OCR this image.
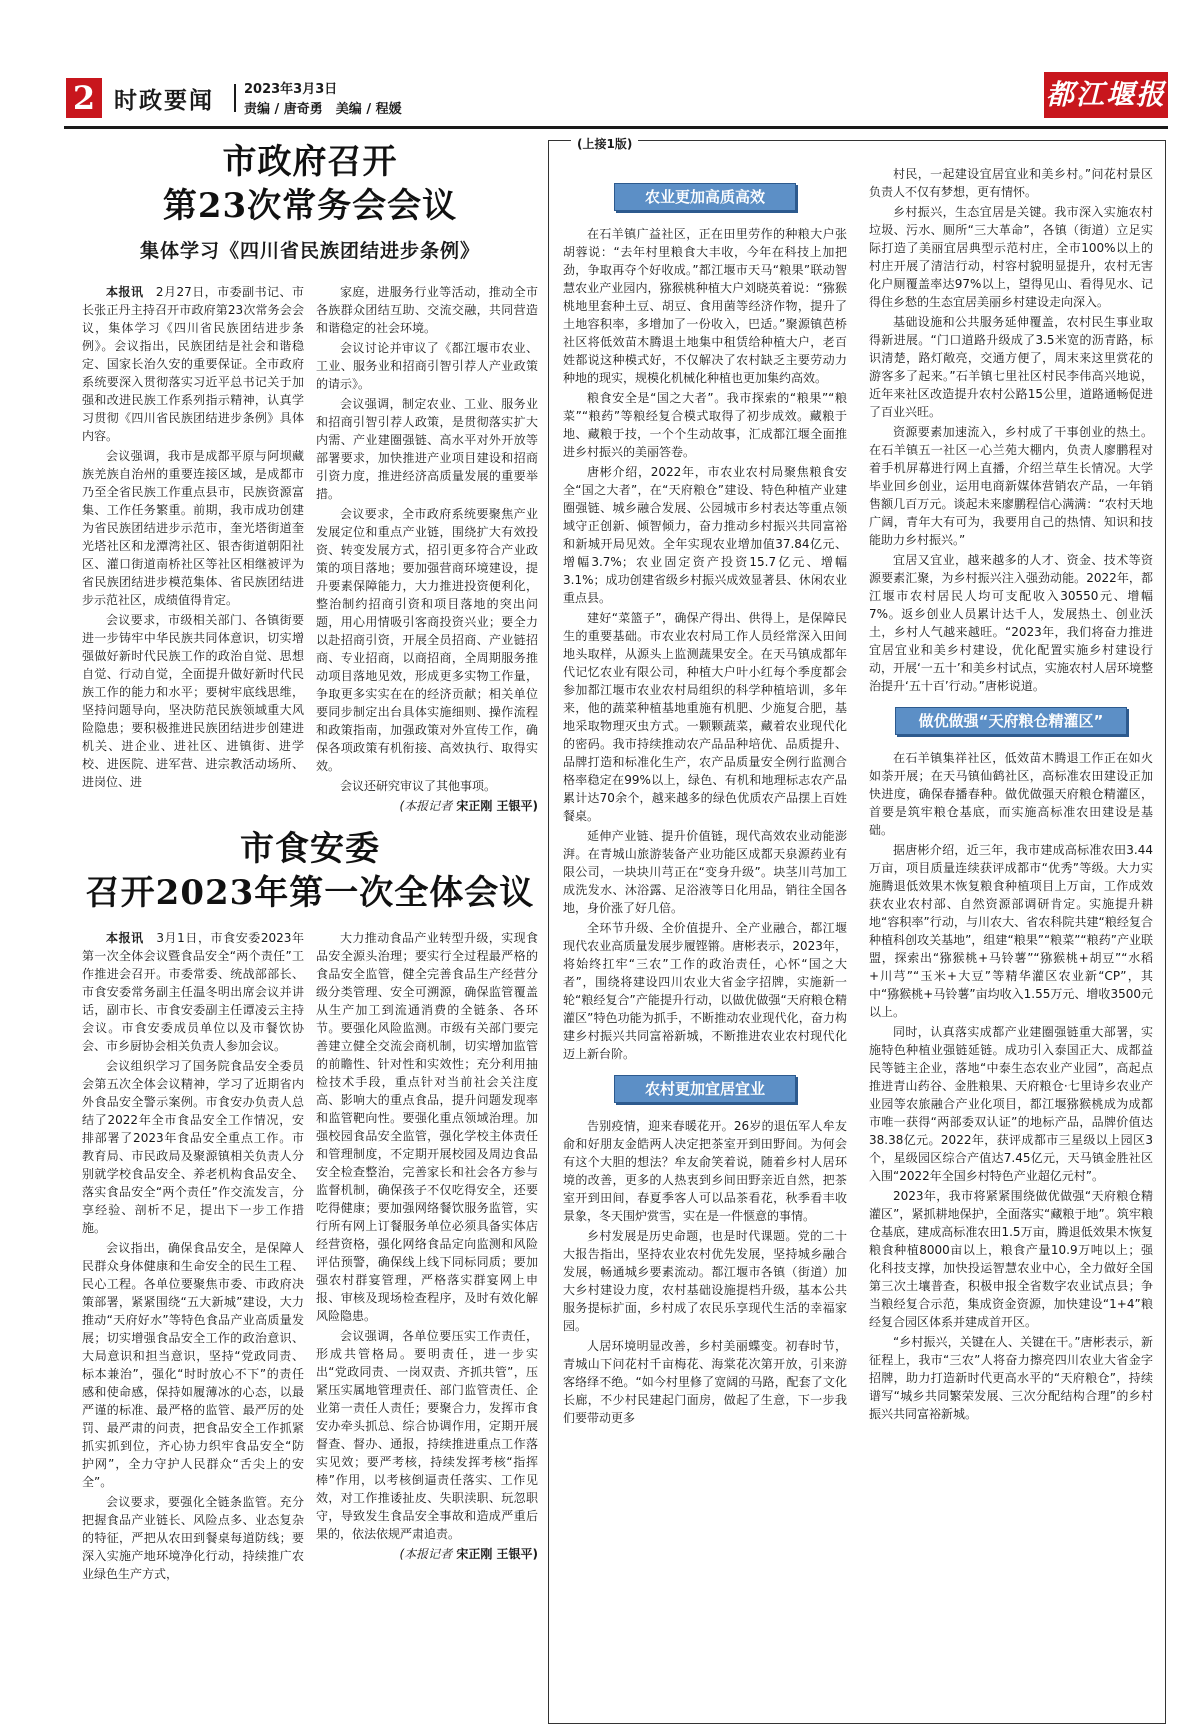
2 时政要闻 2023年3月3日
责编 / 唐奇勇　美编 / 程媛	都江堰报
市政府召开
第23次常务会会议
集体学习《四川省民族团结进步条例》

本报讯　2月27日，市委副书记、市长张正丹主持召开市政府第23次常务会会议，集体学习《四川省民族团结进步条例》。会议指出，民族团结是社会和谐稳定、国家长治久安的重要保证。全市政府系统要深入贯彻落实习近平总书记关于加强和改进民族工作系列指示精神，认真学习贯彻《四川省民族团结进步条例》具体内容。

会议强调，我市是成都平原与阿坝藏族羌族自治州的重要连接区域，是成都市乃至全省民族工作重点县市，民族资源富集、工作任务繁重。前期，我市成功创建为省民族团结进步示范市，奎光塔街道奎光塔社区和龙潭湾社区、银杏街道朝阳社区、灌口街道南桥社区等社区相继被评为省民族团结进步模范集体、省民族团结进步示范社区，成绩值得肯定。

会议要求，市级相关部门、各镇街要进一步铸牢中华民族共同体意识，切实增强做好新时代民族工作的政治自觉、思想自觉、行动自觉，全面提升做好新时代民族工作的能力和水平；要树牢底线思维，坚持问题导向，坚决防范民族领域重大风险隐患；要积极推进民族团结进步创建进机关、进企业、进社区、进镇街、进学校、进医院、进军营、进宗教活动场所、进岗位、进

家庭，进服务行业等活动，推动全市各族群众团结互助、交流交融，共同营造和谐稳定的社会环境。

会议讨论并审议了《都江堰市农业、工业、服务业和招商引智引荐人产业政策的请示》。

会议强调，制定农业、工业、服务业和招商引智引荐人政策，是贯彻落实扩大内需、产业建圈强链、高水平对外开放等部署要求，加快推进产业项目建设和招商引资力度，推进经济高质量发展的重要举措。

会议要求，全市政府系统要聚焦产业发展定位和重点产业链，围绕扩大有效投资、转变发展方式，招引更多符合产业政策的项目落地；要加强营商环境建设，提升要素保障能力，大力推进投资便利化，整治制约招商引资和项目落地的突出问题，用心用情吸引客商投资兴业；要全力以赴招商引资，开展全员招商、产业链招商、专业招商，以商招商，全周期服务推动项目落地见效，形成更多实物工作量，争取更多实实在在的经济贡献；相关单位要同步制定出台具体实施细则、操作流程和政策指南，加强政策对外宣传工作，确保各项政策有机衔接、高效执行、取得实效。

会议还研究审议了其他事项。

(本报记者 宋正刚 王银平)
市食安委
召开2023年第一次全体会议

本报讯　3月1日，市食安委2023年第一次全体会议暨食品安全“两个责任”工作推进会召开。市委常委、统战部部长、市食安委常务副主任温冬明出席会议并讲话，副市长、市食安委副主任谭凌云主持会议。市食安委成员单位以及市餐饮协会、市乡厨协会相关负责人参加会议。

会议组织学习了国务院食品安全委员会第五次全体会议精神，学习了近期省内外食品安全警示案例。市食安办负责人总结了2022年全市食品安全工作情况，安排部署了2023年食品安全重点工作。市教育局、市民政局及聚源镇相关负责人分别就学校食品安全、养老机构食品安全、落实食品安全“两个责任”作交流发言，分享经验、剖析不足，提出下一步工作措施。

会议指出，确保食品安全，是保障人民群众身体健康和生命安全的民生工程、民心工程。各单位要聚焦市委、市政府决策部署，紧紧围绕“五大新城”建设，大力推动“天府好水”等特色食品产业高质量发展；切实增强食品安全工作的政治意识、大局意识和担当意识，坚持“党政同责、标本兼治”，强化“时时放心不下”的责任感和使命感，保持如履薄冰的心态，以最严谨的标准、最严格的监管、最严厉的处罚、最严肃的问责，把食品安全工作抓紧抓实抓到位，齐心协力织牢食品安全“防护网”，全力守护人民群众“舌尖上的安全”。

会议要求，要强化全链条监管。充分把握食品产业链长、风险点多、业态复杂的特征，严把从农田到餐桌每道防线；要深入实施产地环境净化行动，持续推广农业绿色生产方式，

大力推动食品产业转型升级，实现食品安全源头治理；要实行全过程最严格的食品安全监管，健全完善食品生产经营分级分类管理、安全可溯源，确保监管覆盖从生产加工到流通消费的全链条、各环节。要强化风险监测。市级有关部门要完善建立健全交流会商机制，切实增加监管的前瞻性、针对性和实效性；充分利用抽检技术手段，重点针对当前社会关注度高、影响大的重点食品，提升问题发现率和监管靶向性。要强化重点领域治理。加强校园食品安全监管，强化学校主体责任和管理制度，不定期开展校园及周边食品安全检查整治，完善家长和社会各方参与监督机制，确保孩子不仅吃得安全，还要吃得健康；要加强网络餐饮服务监管，实行所有网上订餐服务单位必须具备实体店经营资格，强化网络食品定向监测和风险评估预警，确保线上线下同标同质；要加强农村群宴管理，严格落实群宴网上申报、审核及现场检查程序，及时有效化解风险隐患。

会议强调，各单位要压实工作责任，形成共管格局。要明责任，进一步实出“党政同责、一岗双责、齐抓共管”，压紧压实属地管理责任、部门监管责任、企业第一责任人责任；要聚合力，发挥市食安办牵头抓总、综合协调作用，定期开展督查、督办、通报，持续推进重点工作落实见效；要严考核，持续发挥考核“指挥棒”作用，以考核倒逼责任落实、工作见效，对工作推诿扯皮、失职渎职、玩忽职守，导致发生食品安全事故和造成严重后果的，依法依规严肃追责。

(本报记者 宋正刚 王银平)
(上接1版)
农业更加高质高效

在石羊镇广益社区，正在田里劳作的种粮大户张胡蓉说：“去年村里粮食大丰收，今年在科技上加把劲，争取再夺个好收成。”都江堰市天马“粮果”联动智慧农业产业园内，猕猴桃种植大户刘晓英着说：“猕猴桃地里套种土豆、胡豆、食用菌等经济作物，提升了土地容积率，多增加了一份收入，巴适。”聚源镇芭桥社区将低效苗木腾退土地集中租赁给种植大户，老百姓都说这种模式好，不仅解决了农村缺乏主要劳动力种地的现实，规模化机械化种植也更加集约高效。

粮食安全是“国之大者”。我市探索的“粮果”“粮菜”“粮药”等粮经复合模式取得了初步成效。藏粮于地、藏粮于技，一个个生动故事，汇成都江堰全面推进乡村振兴的美丽答卷。

唐彬介绍，2022年，市农业农村局聚焦粮食安全“国之大者”，在“天府粮仓”建设、特色种植产业建圈强链、城乡融合发展、公园城市乡村表达等重点领域守正创新、倾智倾力，奋力推动乡村振兴共同富裕和新城开局见效。全年实现农业增加值37.84亿元、增幅3.7%；农业固定资产投资15.7亿元、增幅3.1%；成功创建省级乡村振兴成效显著县、休闲农业重点县。

建好“菜篮子”，确保产得出、供得上，是保障民生的重要基础。市农业农村局工作人员经常深入田间地头取样，从源头上监测蔬果安全。在天马镇成都年代记忆农业有限公司，种植大户叶小红每个季度都会参加都江堰市农业农村局组织的科学种植培训，多年来，他的蔬菜种植基地重施有机肥、少施复合肥，基地采取物理灭虫方式。一颗颗蔬菜，藏着农业现代化的密码。我市持续推动农产品品种培优、品质提升、品牌打造和标准化生产，农产品质量安全例行监测合格率稳定在99%以上，绿色、有机和地理标志农产品累计达70余个，越来越多的绿色优质农产品摆上百姓餐桌。

延伸产业链、提升价值链，现代高效农业动能澎湃。在青城山旅游装备产业功能区成都天泉源药业有限公司，一块块川芎正在“变身升级”。块茎川芎加工成洗发水、沐浴露、足浴液等日化用品，销往全国各地，身价涨了好几倍。

全环节升级、全价值提升、全产业融合，都江堰现代农业高质量发展步履铿锵。唐彬表示，2023年，将始终扛牢“三农”工作的政治责任，心怀“国之大者”，围绕将建设四川农业大省金字招牌，实施新一轮“粮经复合”产能提升行动，以做优做强“天府粮仓精灌区”特色功能为抓手，不断推动农业现代化，奋力构建乡村振兴共同富裕新城，不断推进农业农村现代化迈上新台阶。

农村更加宜居宜业

告别疫情，迎来春暖花开。26岁的退伍军人牟友俞和好朋友金皓两人决定把茶室开到田野间。为何会有这个大胆的想法？牟友俞笑着说，随着乡村人居环境的改善，更多的人热衷到乡间田野亲近自然，把茶室开到田间，春夏季客人可以品茶看花，秋季看丰收景象，冬天围炉赏雪，实在是一件惬意的事情。

乡村发展是历史命题，也是时代课题。党的二十大报告指出，坚持农业农村优先发展，坚持城乡融合发展，畅通城乡要素流动。都江堰市各镇（街道）加大乡村建设力度，农村基础设施提档升级，基本公共服务提标扩面，乡村成了农民乐享现代生活的幸福家园。

人居环境明显改善，乡村美丽蝶变。初春时节，青城山下问花村千亩梅花、海棠花次第开放，引来游客络绎不绝。“如今村里修了宽阔的马路，配套了文化长廊，不少村民建起门面房，做起了生意，下一步我们要带动更多

村民，一起建设宜居宜业和美乡村。”问花村景区负责人不仅有梦想，更有情怀。

乡村振兴，生态宜居是关键。我市深入实施农村垃圾、污水、厕所“三大革命”，各镇（街道）立足实际打造了美丽宜居典型示范村庄，全市100%以上的村庄开展了清洁行动，村容村貌明显提升，农村无害化户厕覆盖率达97%以上，望得见山、看得见水、记得住乡愁的生态宜居美丽乡村建设走向深入。

基础设施和公共服务延伸覆盖，农村民生事业取得新进展。“门口道路升级成了3.5米宽的沥青路，标识清楚，路灯敞亮，交通方便了，周末来这里赏花的游客多了起来。”石羊镇七里社区村民李伟高兴地说，近年来社区改造提升农村公路15公里，道路通畅促进了百业兴旺。

资源要素加速流入，乡村成了干事创业的热土。在石羊镇五一社区一心兰苑大棚内，负责人廖鹏程对着手机屏幕进行网上直播，介绍兰草生长情况。大学毕业回乡创业，运用电商新媒体营销农产品，一年销售额几百万元。谈起未来廖鹏程信心满满：“农村天地广阔，青年大有可为，我要用自己的热情、知识和技能助力乡村振兴。”

宜居又宜业，越来越多的人才、资金、技术等资源要素汇聚，为乡村振兴注入强劲动能。2022年，都江堰市农村居民人均可支配收入30550元、增幅7%。返乡创业人员累计达千人，发展热土、创业沃土，乡村人气越来越旺。“2023年，我们将奋力推进宜居宜业和美乡村建设，优化配置实施乡村建设行动，开展‘一五十’和美乡村试点，实施农村人居环境整治提升‘五十百’行动。”唐彬说道。

做优做强“天府粮仓精灌区”

在石羊镇集祥社区，低效苗木腾退工作正在如火如荼开展；在天马镇仙鹤社区，高标准农田建设正加快进度，确保春播春种。做优做强天府粮仓精灌区，首要是筑牢粮仓基底，而实施高标准农田建设是基础。

据唐彬介绍，近三年，我市建成高标准农田3.44万亩，项目质量连续获评成都市“优秀”等级。大力实施腾退低效果木恢复粮食种植项目上万亩，工作成效获农业农村部、自然资源部调研肯定。实施提升耕地“容积率”行动，与川农大、省农科院共建“粮经复合种植科创攻关基地”，组建“粮果”“粮菜”“粮药”产业联盟，探索出“猕猴桃+马铃薯”“猕猴桃+胡豆”“水稻+川芎”“玉米+大豆”等精华灌区农业新“CP”，其中“猕猴桃+马铃薯”亩均收入1.55万元、增收3500元以上。

同时，认真落实成都产业建圈强链重大部署，实施特色种植业强链延链。成功引入泰国正大、成都益民等链主企业，落地“中泰生态农业产业园”，高起点推进青山药谷、金胜粮果、天府粮仓·七里诗乡农业产业园等农旅融合产业化项目，都江堰猕猴桃成为成都市唯一获得“两部委双认证”的地标产品，品牌价值达38.38亿元。2022年，获评成都市三星级以上园区3个，星级园区综合产值达7.45亿元，天马镇金胜社区入围“2022年全国乡村特色产业超亿元村”。

2023年，我市将紧紧围绕做优做强“天府粮仓精灌区”，紧抓耕地保护，全面落实“藏粮于地”。筑牢粮仓基底，建成高标准农田1.5万亩，腾退低效果木恢复粮食种植8000亩以上，粮食产量10.9万吨以上；强化科技支撑，加快投运智慧农业中心，全力做好全国第三次土壤普查，积极申报全省数字农业试点县；争当粮经复合示范，集成资金资源，加快建设“1+4”粮经复合园区体系并建成首开区。

“乡村振兴，关键在人、关键在干。”唐彬表示，新征程上，我市“三农”人将奋力擦亮四川农业大省金字招牌，助力打造新时代更高水平的“天府粮仓”，持续谱写“城乡共同繁荣发展、三次分配结构合理”的乡村振兴共同富裕新城。
